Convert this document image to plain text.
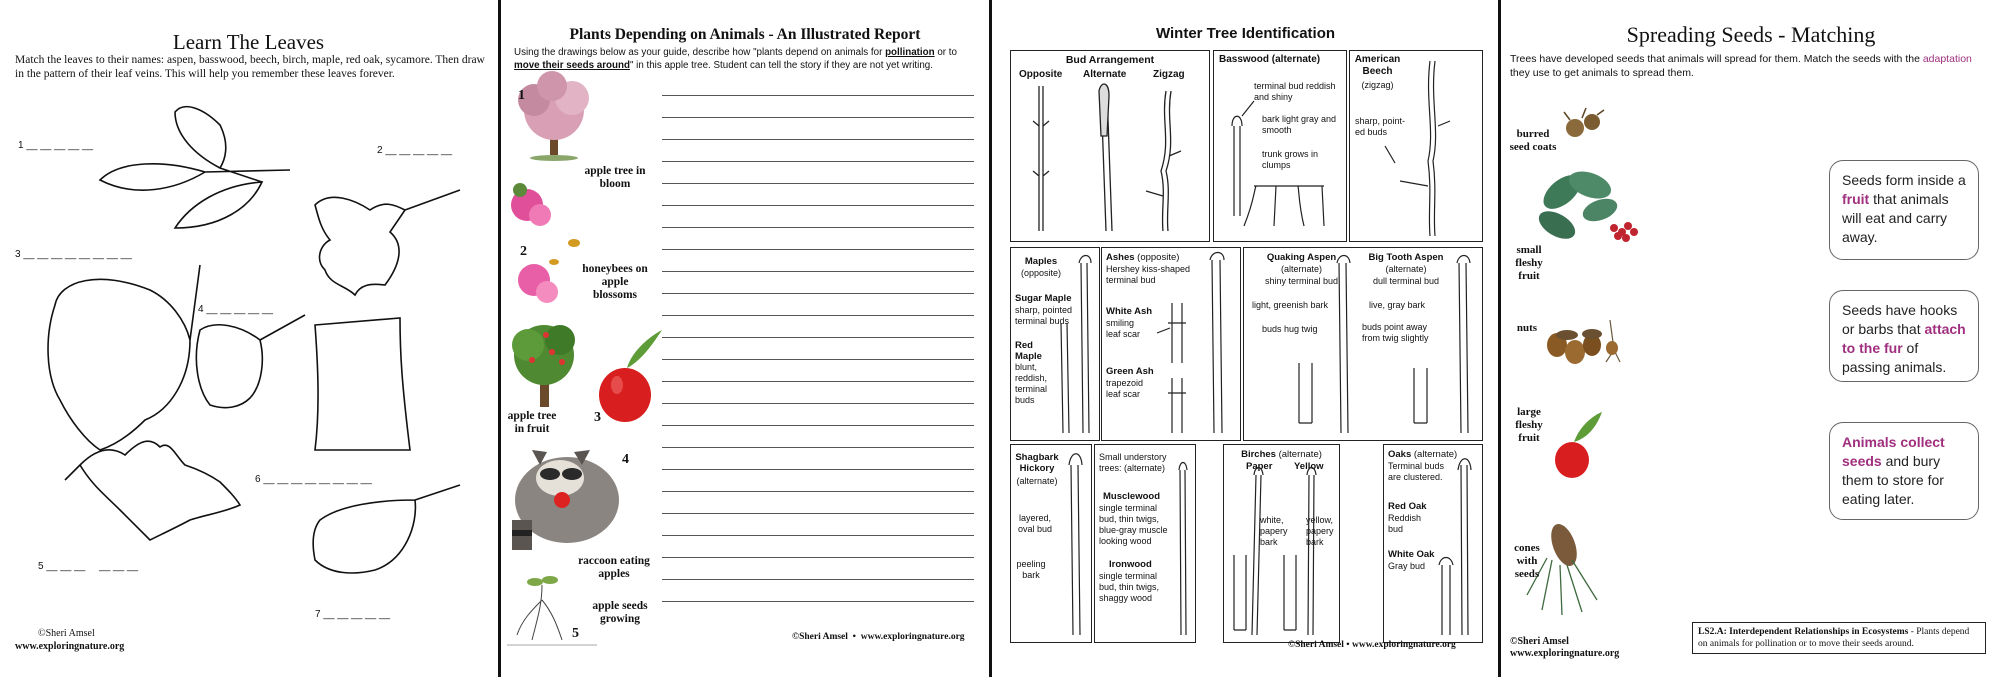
Learn The Leaves
Match the leaves to their names: aspen, basswood, beech, birch, maple, red oak, sycamore. Then draw in the pattern of their leaf veins. This will help you remember these leaves forever.
1 __ __ __ __ __	2 __ __ __ __ __
3 __ __ __ __ __ __ __ __
4 __ __ __ __ __
5 __ __ __     __ __ __
6 __ __ __ __ __ __ __ __
7 __ __ __ __ __
©Sheri Amsel
www.exploringnature.org
Plants Depending on Animals - An Illustrated Report
Using the drawings below as your guide, describe how "plants depend on animals for pollination or to move their seeds around" in this apple tree. Student can tell the story if they are not yet writing.
1
apple tree in bloom
2
honeybees on apple blossoms
3
apple tree in fruit
4
raccoon eating apples
5
apple seeds growing
©Sheri Amsel  •  www.exploringnature.org
Winter Tree Identification
Bud Arrangement
Opposite Alternate	Zigzag
Basswood (alternate)
terminal bud reddish and shiny
bark light gray and smooth
trunk grows in clumps
American Beech
(zigzag)
sharp, point-ed buds
Maples
(opposite)
Sugar Maple
sharp, pointed terminal buds
Red Maple
blunt, reddish, terminal buds
Ashes (opposite)
Hershey kiss-shaped terminal bud
White Ash
smiling leaf scar
Green Ash
trapezoid leaf scar
Quaking Aspen
(alternate)
shiny terminal bud
light, greenish bark
buds hug twig
Big Tooth Aspen
(alternate)
dull terminal bud
live, gray bark
buds point away from twig slightly
Shagbark Hickory
(alternate)
layered, oval bud
peeling bark
Small understory trees: (alternate)
Musclewood
single terminal bud, thin twigs, blue-gray muscle looking wood
Ironwood
single terminal bud, thin twigs, shaggy wood
Birches (alternate)
Paper Yellow
white, papery bark
yellow, papery bark
Oaks (alternate)
Terminal buds are clustered.
Red Oak
Reddish bud
White Oak
Gray bud
©Sheri Amsel • www.exploringnature.org
Spreading Seeds - Matching
Trees have developed seeds that animals will spread for them. Match the seeds with the adaptation they use to get animals to spread them.
burred seed coats
small fleshy fruit
nuts
large fleshy fruit
cones with seeds
Seeds form inside a fruit that animals will eat and carry away.
Seeds have hooks or barbs that attach to the fur of passing animals.
Animals collect seeds and bury them to store for eating later.
©Sheri Amsel
www.exploringnature.org
LS2.A: Interdependent Relationships in Ecosystems - Plants depend on animals for pollination or to move their seeds around.
